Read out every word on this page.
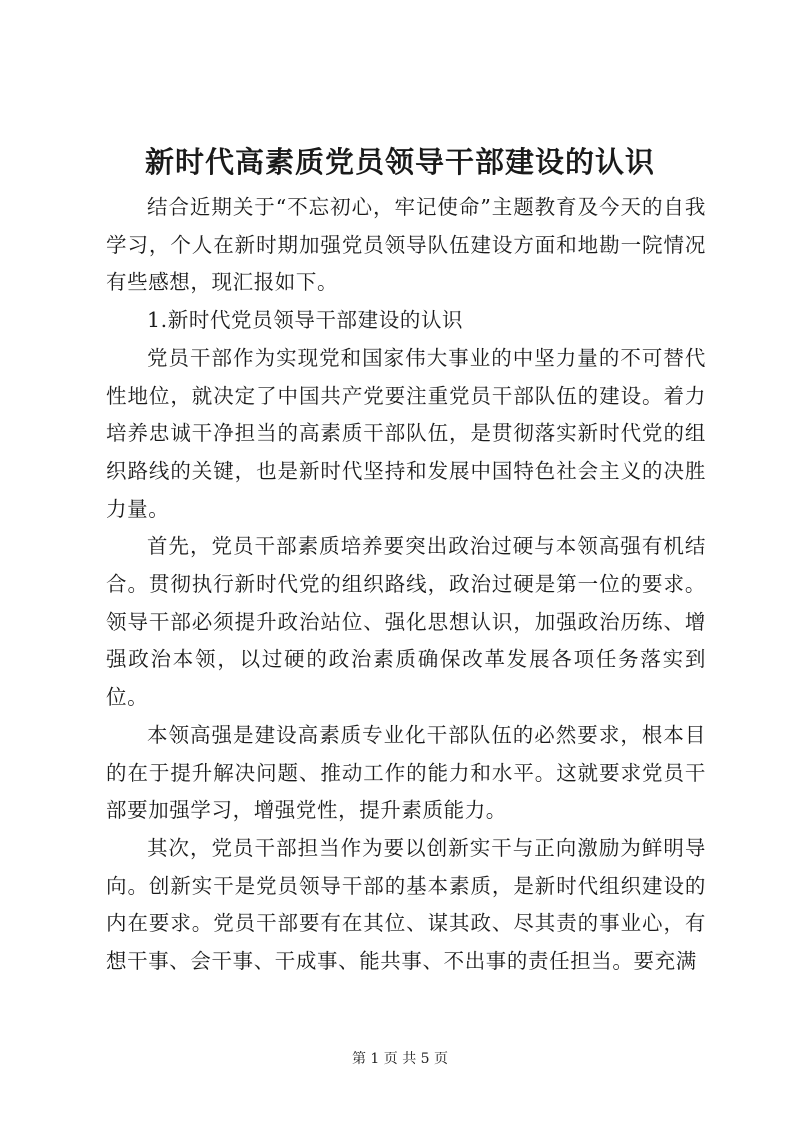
新时代高素质党员领导干部建设的认识

结合近期关于“不忘初心，牢记使命”主题教育及今天的自我学习，个人在新时期加强党员领导队伍建设方面和地勘一院情况有些感想，现汇报如下。

1.新时代党员领导干部建设的认识

党员干部作为实现党和国家伟大事业的中坚力量的不可替代性地位，就决定了中国共产党要注重党员干部队伍的建设。着力培养忠诚干净担当的高素质干部队伍，是贯彻落实新时代党的组织路线的关键，也是新时代坚持和发展中国特色社会主义的决胜力量。

首先，党员干部素质培养要突出政治过硬与本领高强有机结合。贯彻执行新时代党的组织路线，政治过硬是第一位的要求。领导干部必须提升政治站位、强化思想认识，加强政治历练、增强政治本领，以过硬的政治素质确保改革发展各项任务落实到位。

本领高强是建设高素质专业化干部队伍的必然要求，根本目的在于提升解决问题、推动工作的能力和水平。这就要求党员干部要加强学习，增强党性，提升素质能力。

其次，党员干部担当作为要以创新实干与正向激励为鲜明导向。创新实干是党员领导干部的基本素质，是新时代组织建设的内在要求。党员干部要有在其位、谋其政、尽其责的事业心，有想干事、会干事、干成事、能共事、不出事的责任担当。要充满

第 1 页 共 5 页
